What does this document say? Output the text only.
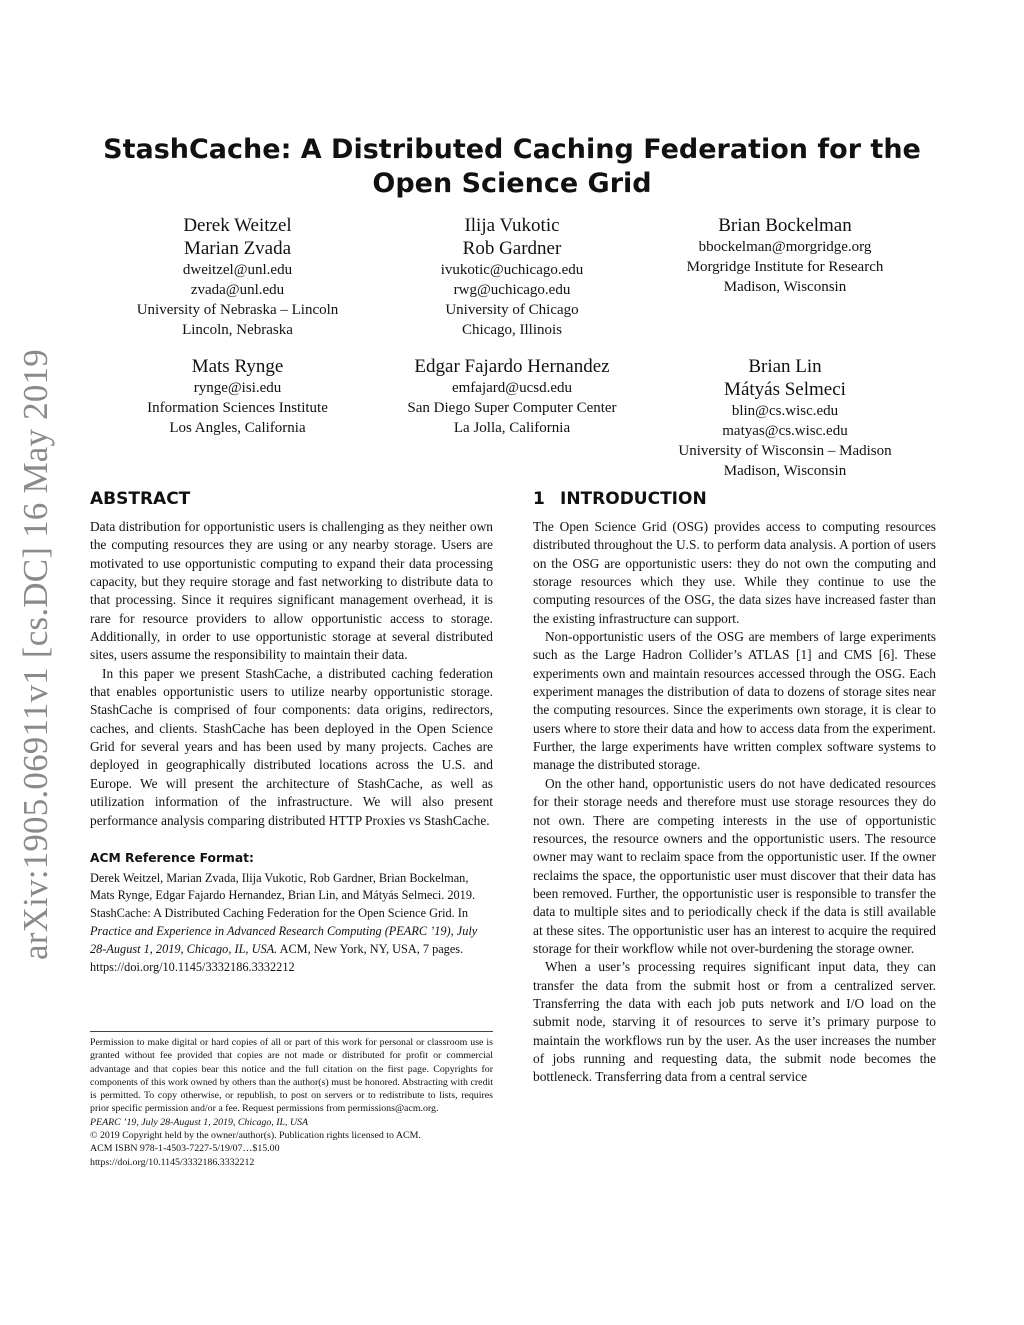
arXiv:1905.06911v1 [cs.DC] 16 May 2019
StashCache: A Distributed Caching Federation for the Open Science Grid
Derek Weitzel
Marian Zvada
dweitzel@unl.edu
zvada@unl.edu
University of Nebraska – Lincoln
Lincoln, Nebraska
Ilija Vukotic
Rob Gardner
ivukotic@uchicago.edu
rwg@uchicago.edu
University of Chicago
Chicago, Illinois
Brian Bockelman
bbockelman@morgridge.org
Morgridge Institute for Research
Madison, Wisconsin
Mats Rynge
rynge@isi.edu
Information Sciences Institute
Los Angles, California
Edgar Fajardo Hernandez
emfajard@ucsd.edu
San Diego Super Computer Center
La Jolla, California
Brian Lin
Mátyás Selmeci
blin@cs.wisc.edu
matyas@cs.wisc.edu
University of Wisconsin – Madison
Madison, Wisconsin
ABSTRACT

Data distribution for opportunistic users is challenging as they neither own the computing resources they are using or any nearby storage. Users are motivated to use opportunistic computing to expand their data processing capacity, but they require storage and fast networking to distribute data to that processing. Since it requires significant management overhead, it is rare for resource providers to allow opportunistic access to storage. Additionally, in order to use opportunistic storage at several distributed sites, users assume the responsibility to maintain their data.

In this paper we present StashCache, a distributed caching federation that enables opportunistic users to utilize nearby opportunistic storage. StashCache is comprised of four components: data origins, redirectors, caches, and clients. StashCache has been deployed in the Open Science Grid for several years and has been used by many projects. Caches are deployed in geographically distributed locations across the U.S. and Europe. We will present the architecture of StashCache, as well as utilization information of the infrastructure. We will also present performance analysis comparing distributed HTTP Proxies vs StashCache.

ACM Reference Format:
Derek Weitzel, Marian Zvada, Ilija Vukotic, Rob Gardner, Brian Bockelman, Mats Rynge, Edgar Fajardo Hernandez, Brian Lin, and Mátyás Selmeci. 2019. StashCache: A Distributed Caching Federation for the Open Science Grid. In Practice and Experience in Advanced Research Computing (PEARC ’19), July 28-August 1, 2019, Chicago, IL, USA. ACM, New York, NY, USA, 7 pages. https://doi.org/10.1145/3332186.3332212
Permission to make digital or hard copies of all or part of this work for personal or classroom use is granted without fee provided that copies are not made or distributed for profit or commercial advantage and that copies bear this notice and the full citation on the first page. Copyrights for components of this work owned by others than the author(s) must be honored. Abstracting with credit is permitted. To copy otherwise, or republish, to post on servers or to redistribute to lists, requires prior specific permission and/or a fee. Request permissions from permissions@acm.org.
PEARC ’19, July 28-August 1, 2019, Chicago, IL, USA
© 2019 Copyright held by the owner/author(s). Publication rights licensed to ACM.
ACM ISBN 978-1-4503-7227-5/19/07…$15.00
https://doi.org/10.1145/3332186.3332212
1 INTRODUCTION

The Open Science Grid (OSG) provides access to computing resources distributed throughout the U.S. to perform data analysis. A portion of users on the OSG are opportunistic users: they do not own the computing and storage resources which they use. While they continue to use the computing resources of the OSG, the data sizes have increased faster than the existing infrastructure can support.

Non-opportunistic users of the OSG are members of large experiments such as the Large Hadron Collider’s ATLAS [1] and CMS [6]. These experiments own and maintain resources accessed through the OSG. Each experiment manages the distribution of data to dozens of storage sites near the computing resources. Since the experiments own storage, it is clear to users where to store their data and how to access data from the experiment. Further, the large experiments have written complex software systems to manage the distributed storage.

On the other hand, opportunistic users do not have dedicated resources for their storage needs and therefore must use storage resources they do not own. There are competing interests in the use of opportunistic resources, the resource owners and the opportunistic users. The resource owner may want to reclaim space from the opportunistic user. If the owner reclaims the space, the opportunistic user must discover that their data has been removed. Further, the opportunistic user is responsible to transfer the data to multiple sites and to periodically check if the data is still available at these sites. The opportunistic user has an interest to acquire the required storage for their workflow while not over-burdening the storage owner.

When a user’s processing requires significant input data, they can transfer the data from the submit host or from a centralized server. Transferring the data with each job puts network and I/O load on the submit node, starving it of resources to serve it’s primary purpose to maintain the workflows run by the user. As the user increases the number of jobs running and requesting data, the submit node becomes the bottleneck. Transferring data from a central service
